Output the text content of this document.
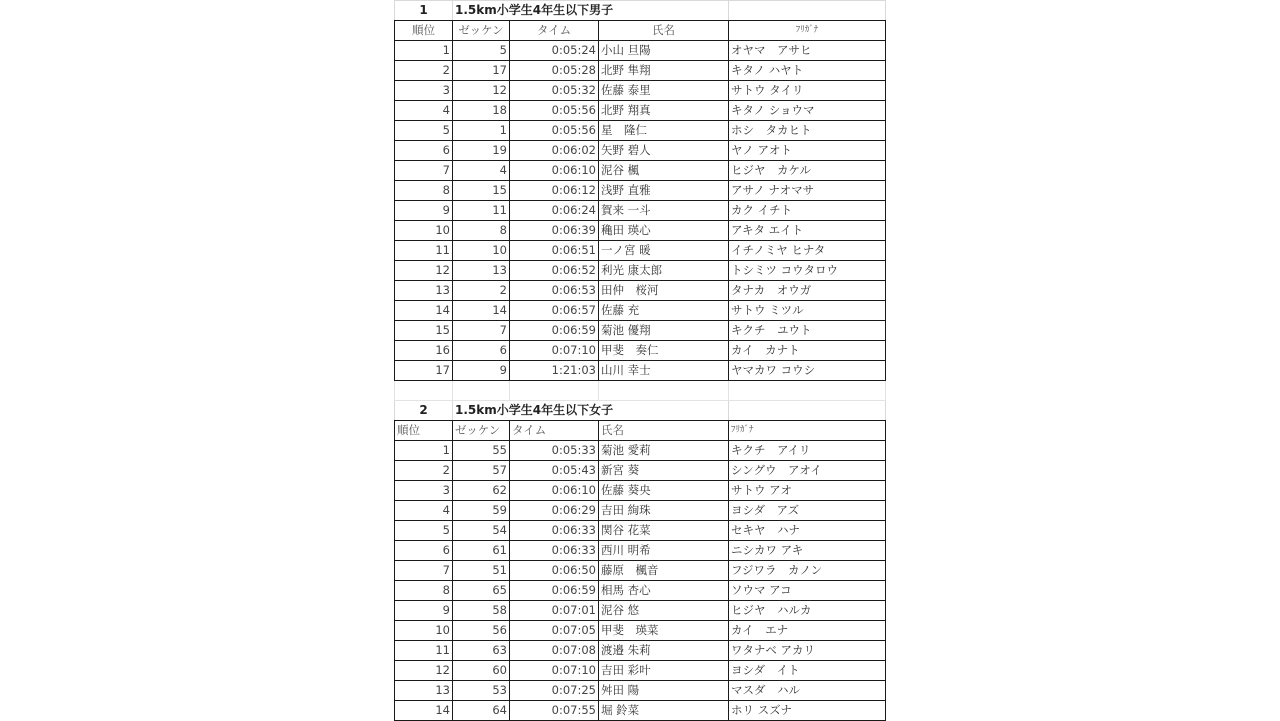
1	1.5km小学生4年生以下男子			
順位	ゼッケン	タイム	氏名	ﾌﾘｶﾞﾅ
1	5	0:05:24	小山 旦陽	オヤマ　アサヒ
2	17	0:05:28	北野 隼翔	キタノ ハヤト
3	12	0:05:32	佐藤 泰里	サトウ タイリ
4	18	0:05:56	北野 翔真	キタノ ショウマ
5	1	0:05:56	星　隆仁	ホシ　タカヒト
6	19	0:06:02	矢野 碧人	ヤノ アオト
7	4	0:06:10	泥谷 楓	ヒジヤ　カケル
8	15	0:06:12	浅野 直雅	アサノ ナオマサ
9	11	0:06:24	賀来 一斗	カク イチト
10	8	0:06:39	穐田 瑛心	アキタ エイト
11	10	0:06:51	一ノ宮 暖	イチノミヤ ヒナタ
12	13	0:06:52	利光 康太郎	トシミツ コウタロウ
13	2	0:06:53	田仲　桜河	タナカ　オウガ
14	14	0:06:57	佐藤 充	サトウ ミツル
15	7	0:06:59	菊池 優翔	キクチ　ユウト
16	6	0:07:10	甲斐　奏仁	カイ　カナト
17	9	1:21:03	山川 幸士	ヤマカワ コウシ

2	1.5km小学生4年生以下女子			
順位	ゼッケン	タイム	氏名	ﾌﾘｶﾞﾅ
1	55	0:05:33	菊池 愛莉	キクチ　アイリ
2	57	0:05:43	新宮 葵	シングウ　アオイ
3	62	0:06:10	佐藤 葵央	サトウ アオ
4	59	0:06:29	吉田 絢珠	ヨシダ　アズ
5	54	0:06:33	関谷 花菜	セキヤ　ハナ
6	61	0:06:33	西川 明希	ニシカワ アキ
7	51	0:06:50	藤原　楓音	フジワラ　カノン
8	65	0:06:59	相馬 杏心	ソウマ アコ
9	58	0:07:01	泥谷 悠	ヒジヤ　ハルカ
10	56	0:07:05	甲斐　瑛菜	カイ　エナ
11	63	0:07:08	渡邉 朱莉	ワタナベ アカリ
12	60	0:07:10	吉田 彩叶	ヨシダ　イト
13	53	0:07:25	舛田 陽	マスダ　ハル
14	64	0:07:55	堀 鈴菜	ホリ スズナ
